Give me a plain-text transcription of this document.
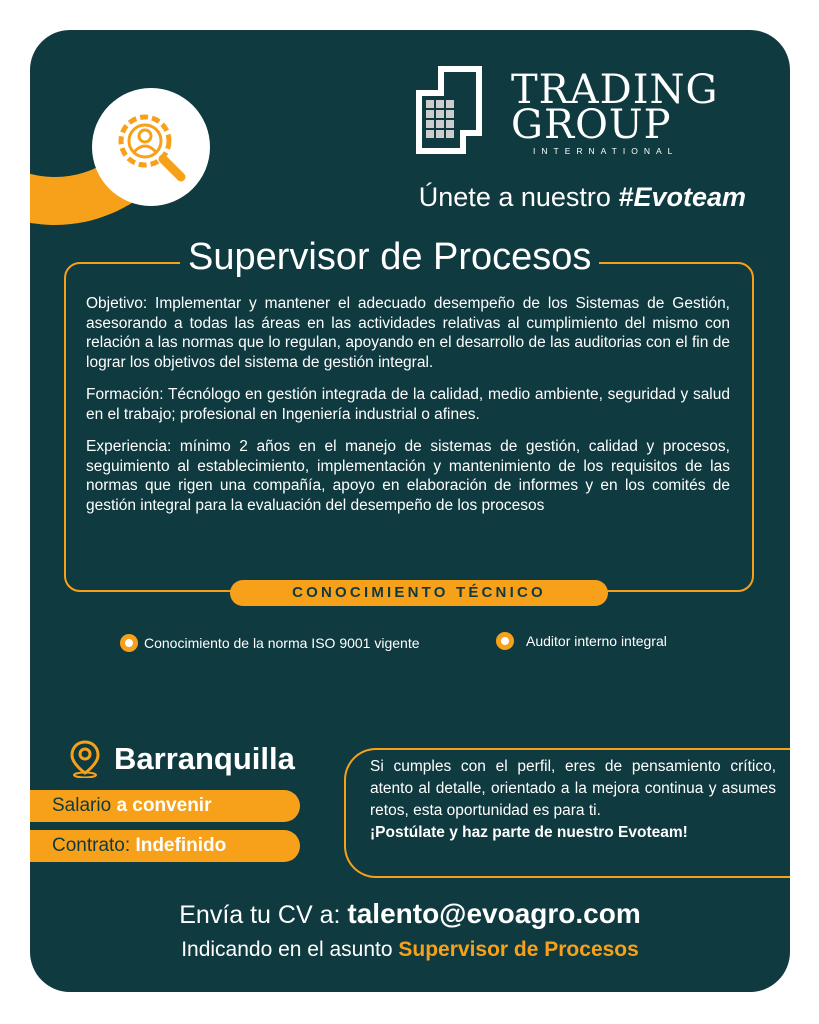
TRADING
GROUP
INTERNATIONAL
Únete a nuestro #Evoteam
Supervisor de Procesos

Objetivo: Implementar y mantener el adecuado desempeño de los Sistemas de Gestión, asesorando a todas las áreas en las actividades relativas al cumplimiento del mismo con relación a las normas que lo regulan, apoyando en el desarrollo de las auditorias con el fin de lograr los objetivos del sistema de gestión integral.

Formación: Técnólogo en gestión integrada de la calidad, medio ambiente, seguridad y salud en el trabajo; profesional en Ingeniería industrial o afines.

Experiencia: mínimo 2 años en el manejo de sistemas de gestión, calidad y procesos, seguimiento al establecimiento, implementación y mantenimiento de los requisitos de las normas que rigen una compañía, apoyo en elaboración de informes y en los comités de gestión integral para la evaluación del desempeño de los procesos

CONOCIMIENTO TÉCNICO
Conocimiento de la norma ISO 9001 vigente	Auditor interno integral
Barranquilla
Salario a convenir
Contrato: Indefinido
Si cumples con el perfil, eres de pensamiento crítico, atento al detalle, orientado a la mejora continua y asumes retos, esta oportunidad es para ti.
¡Postúlate y haz parte de nuestro Evoteam!
Envía tu CV a: talento@evoagro.com
Indicando en el asunto Supervisor de Procesos
